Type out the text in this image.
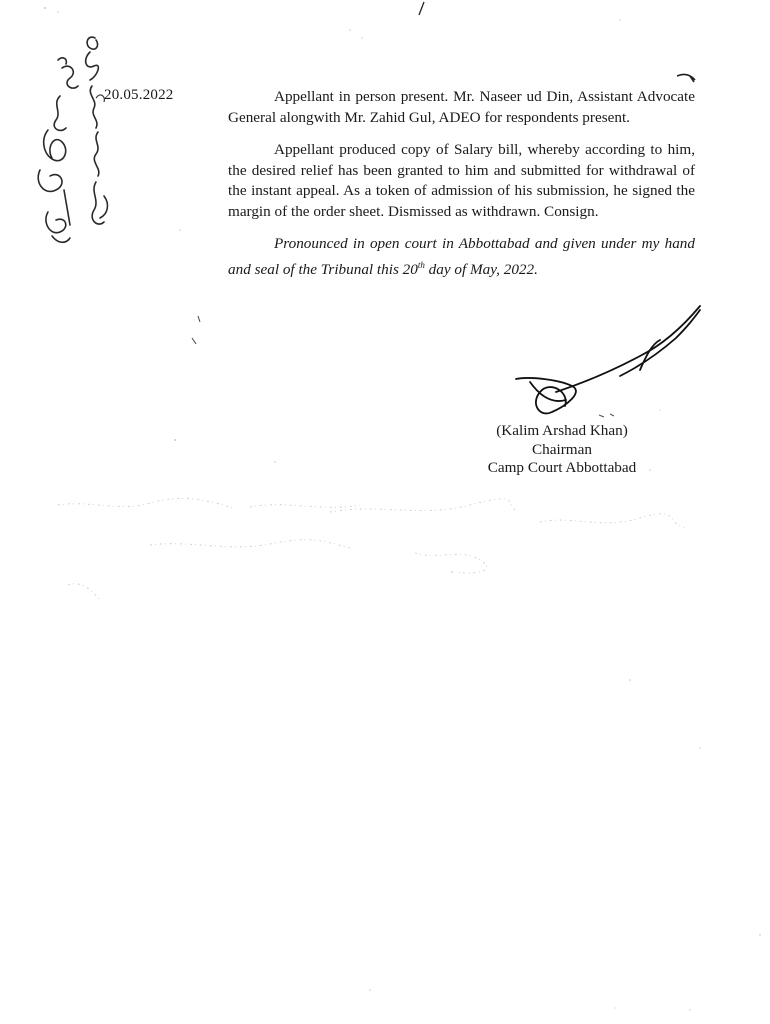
20.05.2022	Appellant in person present. Mr. Naseer ud Din, Assistant Advocate General alongwith Mr. Zahid Gul, ADEO for respondents present.

Appellant produced copy of Salary bill, whereby according to him, the desired relief has been granted to him and submitted for withdrawal of the instant appeal. As a token of admission of his submission, he signed the margin of the order sheet. Dismissed as withdrawn. Consign.

Pronounced in open court in Abbottabad and given under my hand and seal of the Tribunal this 20th day of May, 2022.

(Kalim Arshad Khan)
Chairman
Camp Court Abbottabad
